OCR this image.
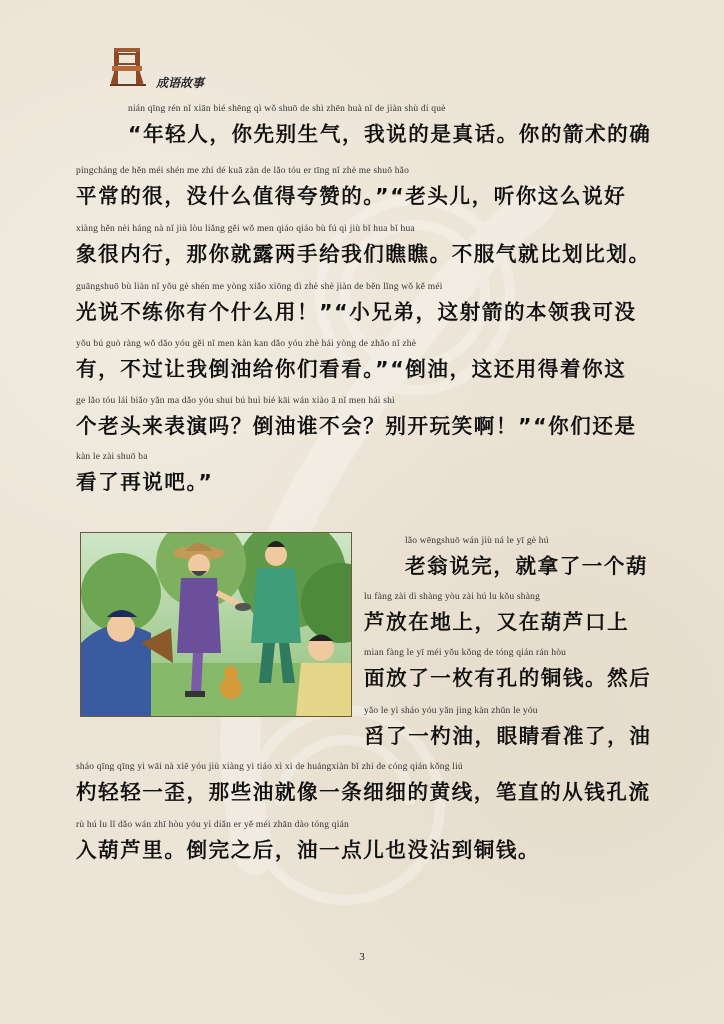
成语故事
nián qīng rén nǐ xiān bié shēng qì wǒ shuō de shì zhēn huà nǐ de jiàn shù dí què
“年轻人，你先别生气，我说的是真话。你的箭术的确
píngcháng de hěn méi shén me zhí dé kuā zàn de lǎo tóu er tīng nǐ zhè me shuō hǎo
平常的很，没什么值得夸赞的。”“老头儿，听你这么说好
xiàng hěn nèi háng nà nǐ jiù lòu liǎng gěi wǒ men qiáo qiáo bù fú qì jiù bǐ hua bǐ hua
象很内行，那你就露两手给我们瞧瞧。不服气就比划比划。
guāngshuō bù liàn nǐ yǒu gè shén me yòng xiǎo xiōng dì zhè shè jiàn de běn lǐng wǒ kě méi
光说不练你有个什么用！”“小兄弟，这射箭的本领我可没
yǒu bú guò ràng wǒ dǎo yóu gěi nǐ men kàn kan dǎo yóu zhè hái yòng de zhǎo nǐ zhè
有，不过让我倒油给你们看看。”“倒油，这还用得着你这
ge lǎo tóu lái biǎo yǎn ma dǎo yóu shuí bú huì bié kāi wán xiào ā nǐ men hái shì
个老头来表演吗？倒油谁不会？别开玩笑啊！”“你们还是
kàn le zài shuō ba
看了再说吧。”
lǎo wēngshuō wán jiù ná le yī gè hú
老翁说完，就拿了一个葫
lu fàng zài dì shàng yòu zài hú lu kǒu shàng
芦放在地上，又在葫芦口上
mian fàng le yī méi yǒu kǒng de tóng qián rán hòu
面放了一枚有孔的铜钱。然后
yǎo le yì sháo yóu yǎn jing kàn zhǔn le yóu
舀了一杓油，眼睛看准了，油
sháo qīng qīng yì wāi nà xiē yóu jiù xiàng yì tiáo xì xì de huángxiàn bǐ zhí de cóng qián kǒng liú
杓轻轻一歪，那些油就像一条细细的黄线，笔直的从钱孔流
rù hú lu lǐ dǎo wán zhī hòu yóu yì diǎn er yě méi zhān dào tóng qián
入葫芦里。倒完之后，油一点儿也没沾到铜钱。
3
